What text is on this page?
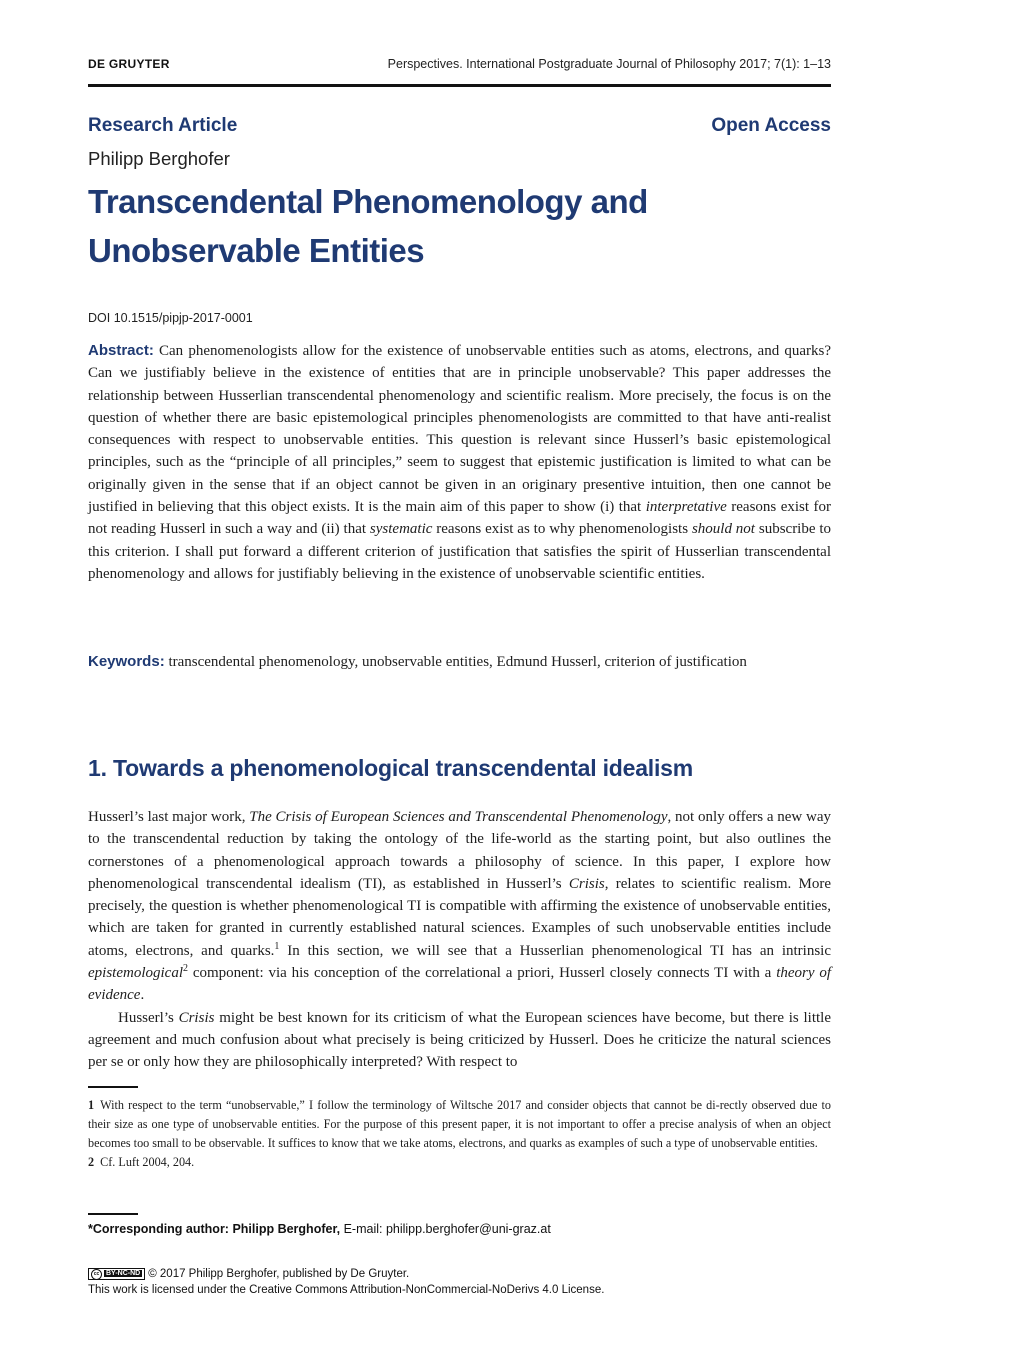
DE GRUYTER	Perspectives. International Postgraduate Journal of Philosophy 2017; 7(1): 1–13
Research Article	Open Access
Philipp Berghofer
Transcendental Phenomenology and
Unobservable Entities
DOI 10.1515/pipjp-2017-0001
Abstract: Can phenomenologists allow for the existence of unobservable entities such as atoms, electrons, and quarks? Can we justifiably believe in the existence of entities that are in principle unobservable? This paper addresses the relationship between Husserlian transcendental phenomenology and scientific realism. More precisely, the focus is on the question of whether there are basic epistemological principles phenomenologists are committed to that have anti-realist consequences with respect to unobservable entities. This question is relevant since Husserl’s basic epistemological principles, such as the “principle of all principles,” seem to suggest that epistemic justification is limited to what can be originally given in the sense that if an object cannot be given in an originary presentive intuition, then one cannot be justified in believing that this object exists. It is the main aim of this paper to show (i) that interpretative reasons exist for not reading Husserl in such a way and (ii) that systematic reasons exist as to why phenomenologists should not subscribe to this criterion. I shall put forward a different criterion of justification that satisfies the spirit of Husserlian transcendental phenomenology and allows for justifiably believing in the existence of unobservable scientific entities.
Keywords: transcendental phenomenology, unobservable entities, Edmund Husserl, criterion of justification
1. Towards a phenomenological transcendental idealism

Husserl’s last major work, The Crisis of European Sciences and Transcendental Phenomenology, not only offers a new way to the transcendental reduction by taking the ontology of the life-world as the starting point, but also outlines the cornerstones of a phenomenological approach towards a philosophy of science. In this paper, I explore how phenomenological transcendental idealism (TI), as established in Husserl’s Crisis, relates to scientific realism. More precisely, the question is whether phenomenological TI is compatible with affirming the existence of unobservable entities, which are taken for granted in currently established natural sciences. Examples of such unobservable entities include atoms, electrons, and quarks.$^1$ In this section, we will see that a Husserlian phenomenological TI has an intrinsic epistemological$^2$ component: via his conception of the correlational a priori, Husserl closely connects TI with a theory of evidence.

Husserl’s Crisis might be best known for its criticism of what the European sciences have become, but there is little agreement and much confusion about what precisely is being criticized by Husserl. Does he criticize the natural sciences per se or only how they are philosophically interpreted? With respect to

1 With respect to the term “unobservable,” I follow the terminology of Wiltsche 2017 and consider objects that cannot be di-rectly observed due to their size as one type of unobservable entities. For the purpose of this present paper, it is not important to offer a precise analysis of when an object becomes too small to be observable. It suffices to know that we take atoms, electrons, and quarks as examples of such a type of unobservable entities.

2 Cf. Luft 2004, 204.

*Corresponding author: Philipp Berghofer, E-mail: philipp.berghofer@uni-graz.at
cc BY-NC-ND © 2017 Philipp Berghofer, published by De Gruyter.
This work is licensed under the Creative Commons Attribution-NonCommercial-NoDerivs 4.0 License.
